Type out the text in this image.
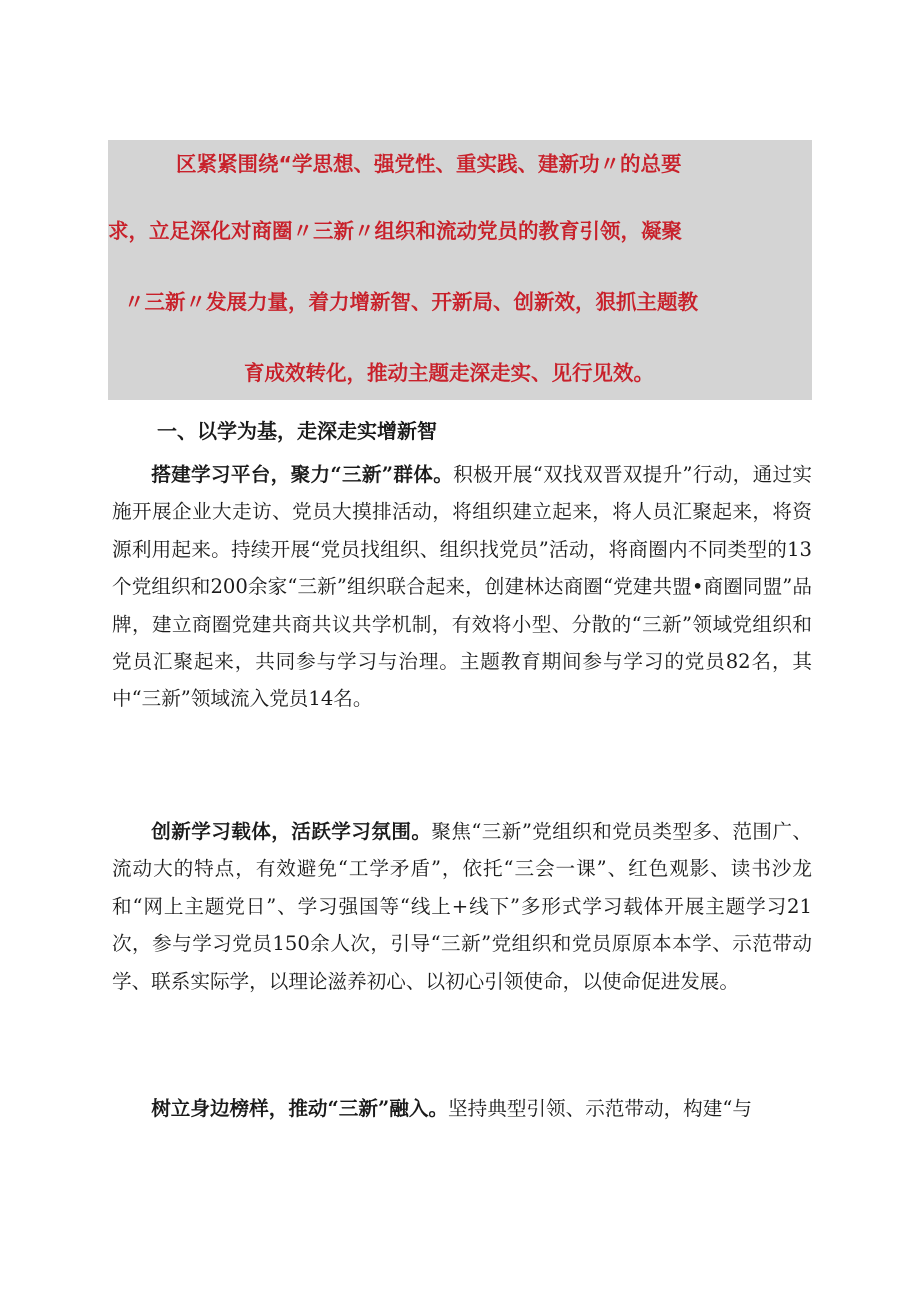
区紧紧围绕“学思想、强党性、重实践、建新功〃的总要
求，立足深化对商圈〃三新〃组织和流动党员的教育引领，凝聚
〃三新〃发展力量，着力增新智、开新局、创新效，狠抓主题教
育成效转化，推动主题走深走实、见行见效。
一、以学为基，走深走实增新智

搭建学习平台，聚力“三新”群体。积极开展“双找双晋双提升”行动，通过实施开展企业大走访、党员大摸排活动，将组织建立起来，将人员汇聚起来，将资源利用起来。持续开展“党员找组织、组织找党员”活动，将商圈内不同类型的13个党组织和200余家“三新”组织联合起来，创建林达商圈“党建共盟•商圈同盟”品牌，建立商圈党建共商共议共学机制，有效将小型、分散的“三新”领域党组织和党员汇聚起来，共同参与学习与治理。主题教育期间参与学习的党员82名，其中“三新”领域流入党员14名。

创新学习载体，活跃学习氛围。聚焦“三新”党组织和党员类型多、范围广、流动大的特点，有效避免“工学矛盾”，依托“三会一课”、红色观影、读书沙龙和“网上主题党日”、学习强国等“线上+线下”多形式学习载体开展主题学习21次，参与学习党员150余人次，引导“三新”党组织和党员原原本本学、示范带动学、联系实际学，以理论滋养初心、以初心引领使命，以使命促进发展。

树立身边榜样，推动“三新”融入。坚持典型引领、示范带动，构建“与
